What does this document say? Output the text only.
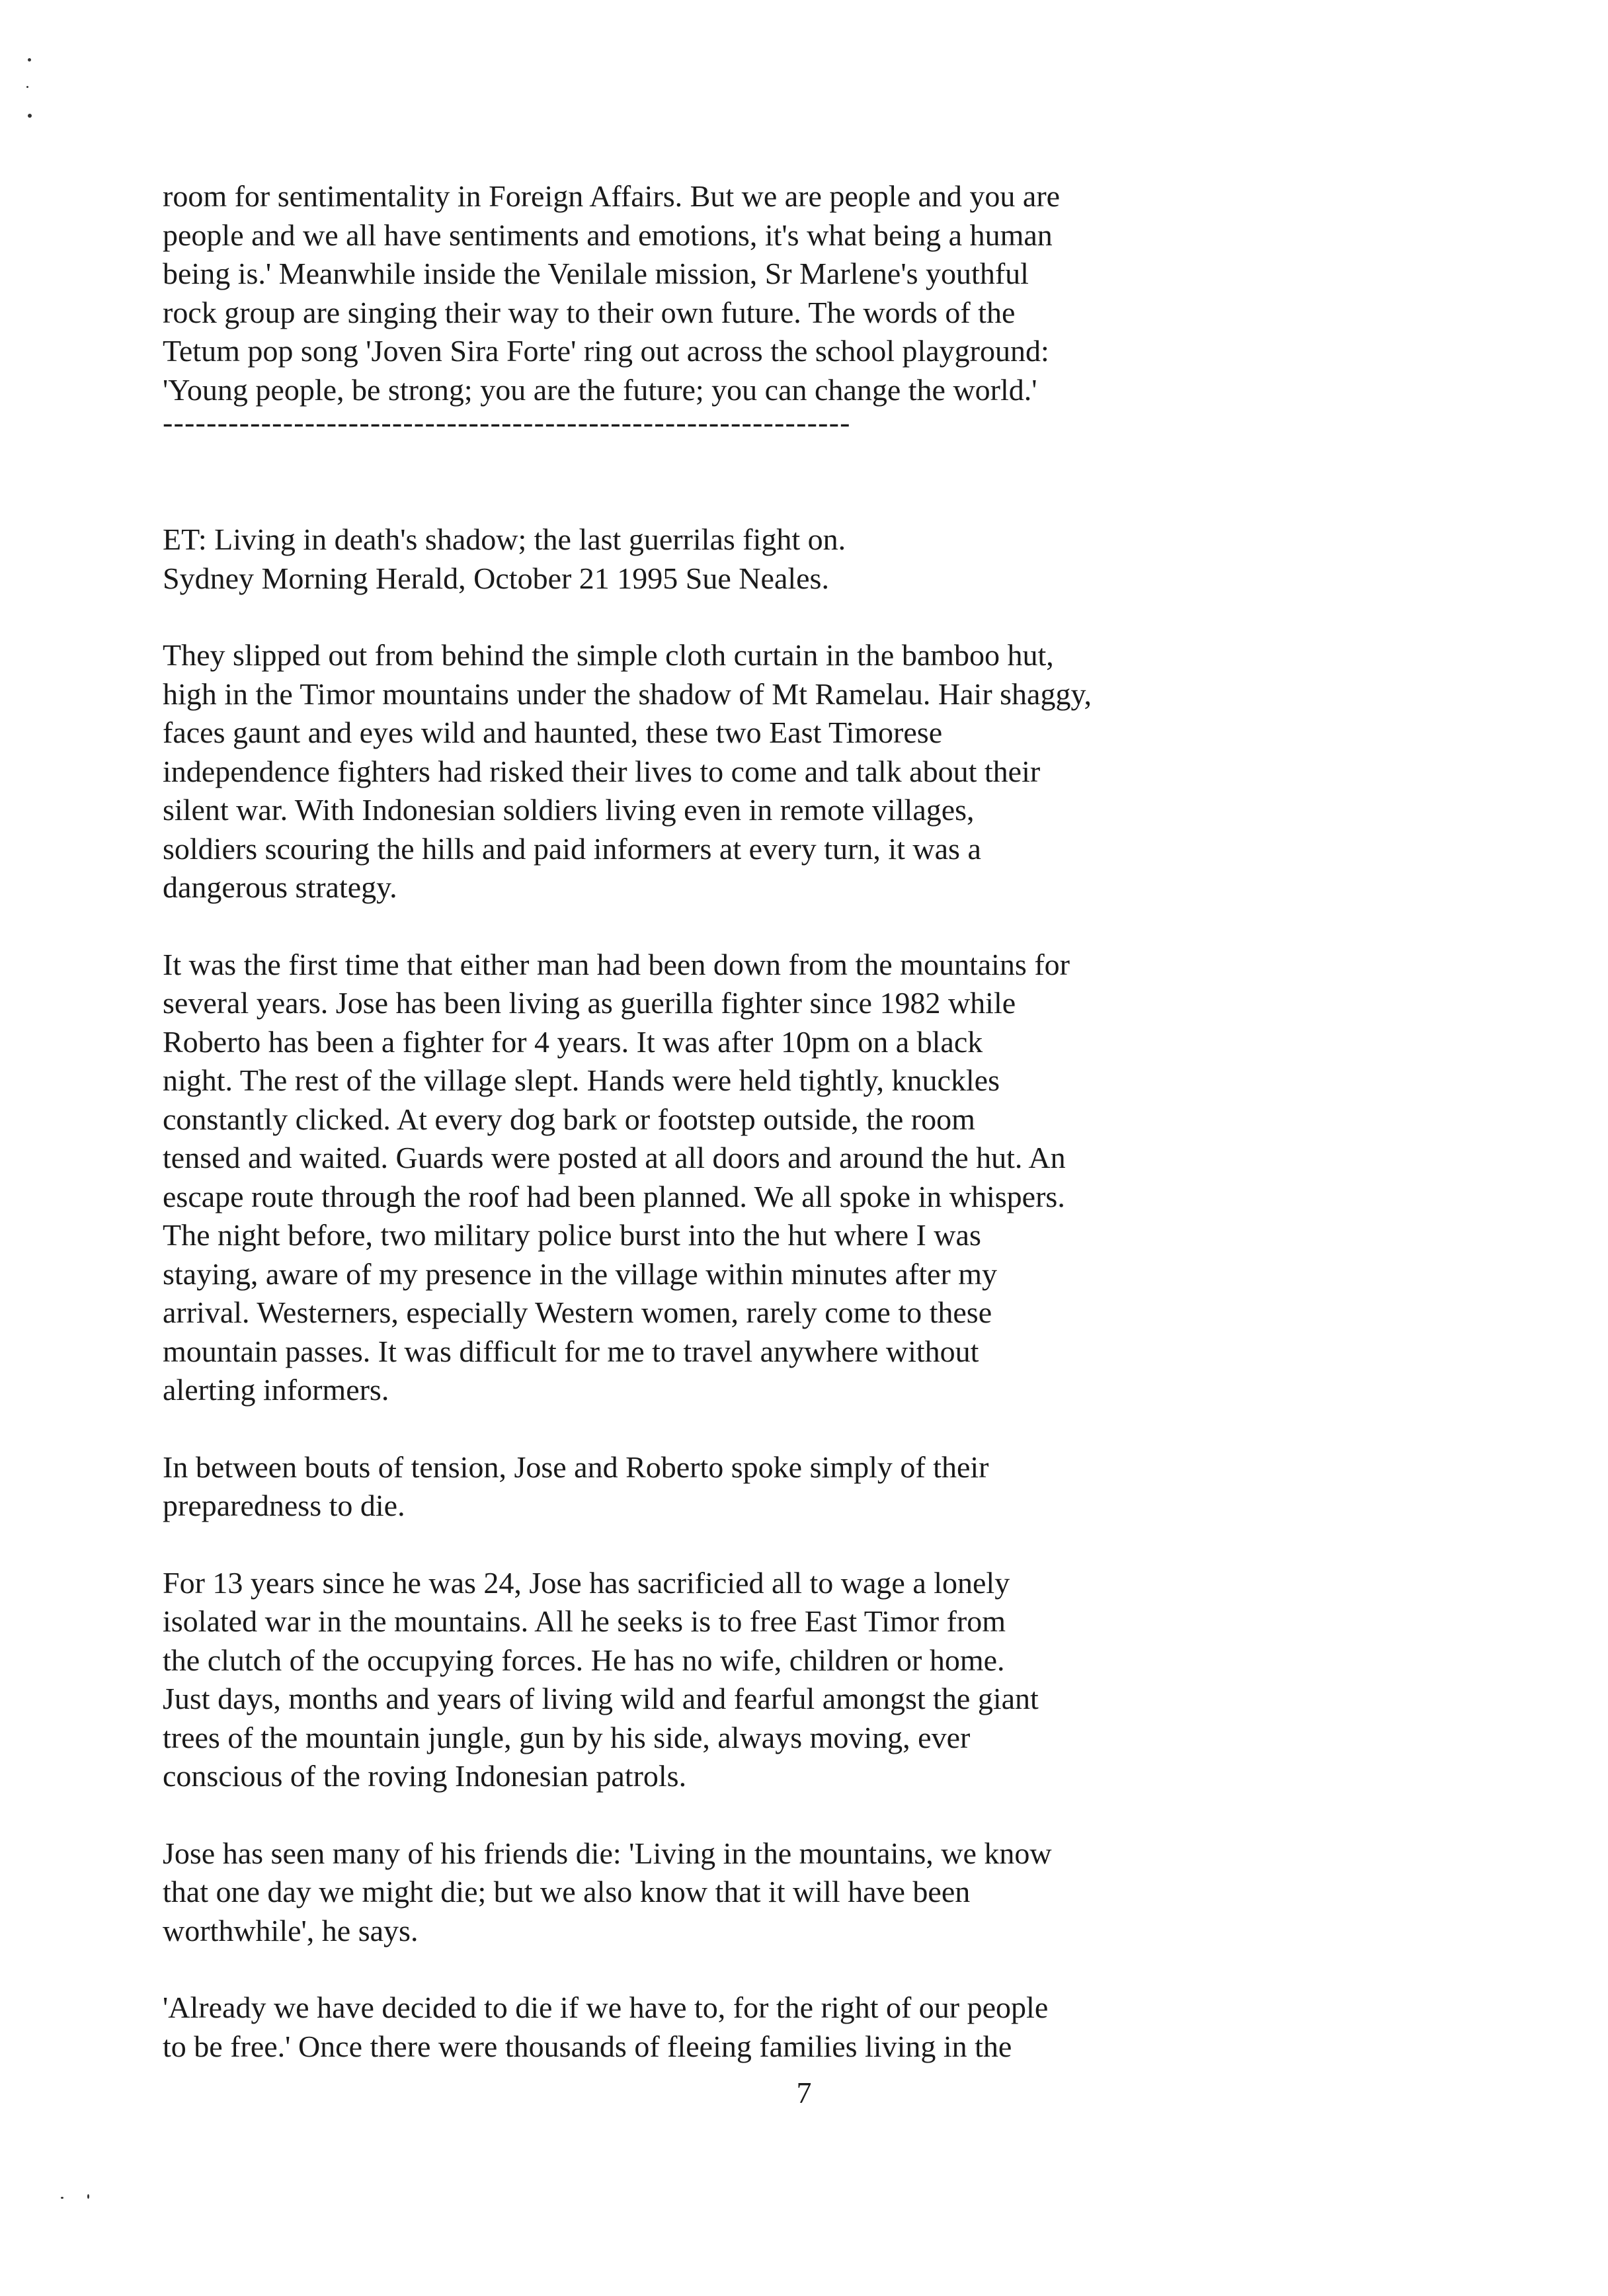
room for sentimentality in Foreign Affairs. But we are people and you are
people and we all have sentiments and emotions, it's what being a human
being is.' Meanwhile inside the Venilale mission, Sr Marlene's youthful
rock group are singing their way to their own future. The words of the
Tetum pop song 'Joven Sira Forte' ring out across the school playground:
'Young people, be strong; you are the future; you can change the world.'

---------------------------------------------------------------

ET: Living in death's shadow; the last guerrilas fight on.
Sydney Morning Herald, October 21 1995 Sue Neales.

They slipped out from behind the simple cloth curtain in the bamboo hut,
high in the Timor mountains under the shadow of Mt Ramelau. Hair shaggy,
faces gaunt and eyes wild and haunted, these two East Timorese
independence fighters had risked their lives to come and talk about their
silent war. With Indonesian soldiers living even in remote villages,
soldiers scouring the hills and paid informers at every turn, it was a
dangerous strategy.

It was the first time that either man had been down from the mountains for
several years. Jose has been living as guerilla fighter since 1982 while
Roberto has been a fighter for 4 years. It was after 10pm on a black
night. The rest of the village slept. Hands were held tightly, knuckles
constantly clicked. At every dog bark or footstep outside, the room
tensed and waited. Guards were posted at all doors and around the hut. An
escape route through the roof had been planned. We all spoke in whispers.
The night before, two military police burst into the hut where I was
staying, aware of my presence in the village within minutes after my
arrival. Westerners, especially Western women, rarely come to these
mountain passes. It was difficult for me to travel anywhere without
alerting informers.

In between bouts of tension, Jose and Roberto spoke simply of their
preparedness to die.

For 13 years since he was 24, Jose has sacrificied all to wage a lonely
isolated war in the mountains. All he seeks is to free East Timor from
the clutch of the occupying forces. He has no wife, children or home.
Just days, months and years of living wild and fearful amongst the giant
trees of the mountain jungle, gun by his side, always moving, ever
conscious of the roving Indonesian patrols.

Jose has seen many of his friends die: 'Living in the mountains, we know
that one day we might die; but we also know that it will have been
worthwhile', he says.

'Already we have decided to die if we have to, for the right of our people
to be free.' Once there were thousands of fleeing families living in the

7
